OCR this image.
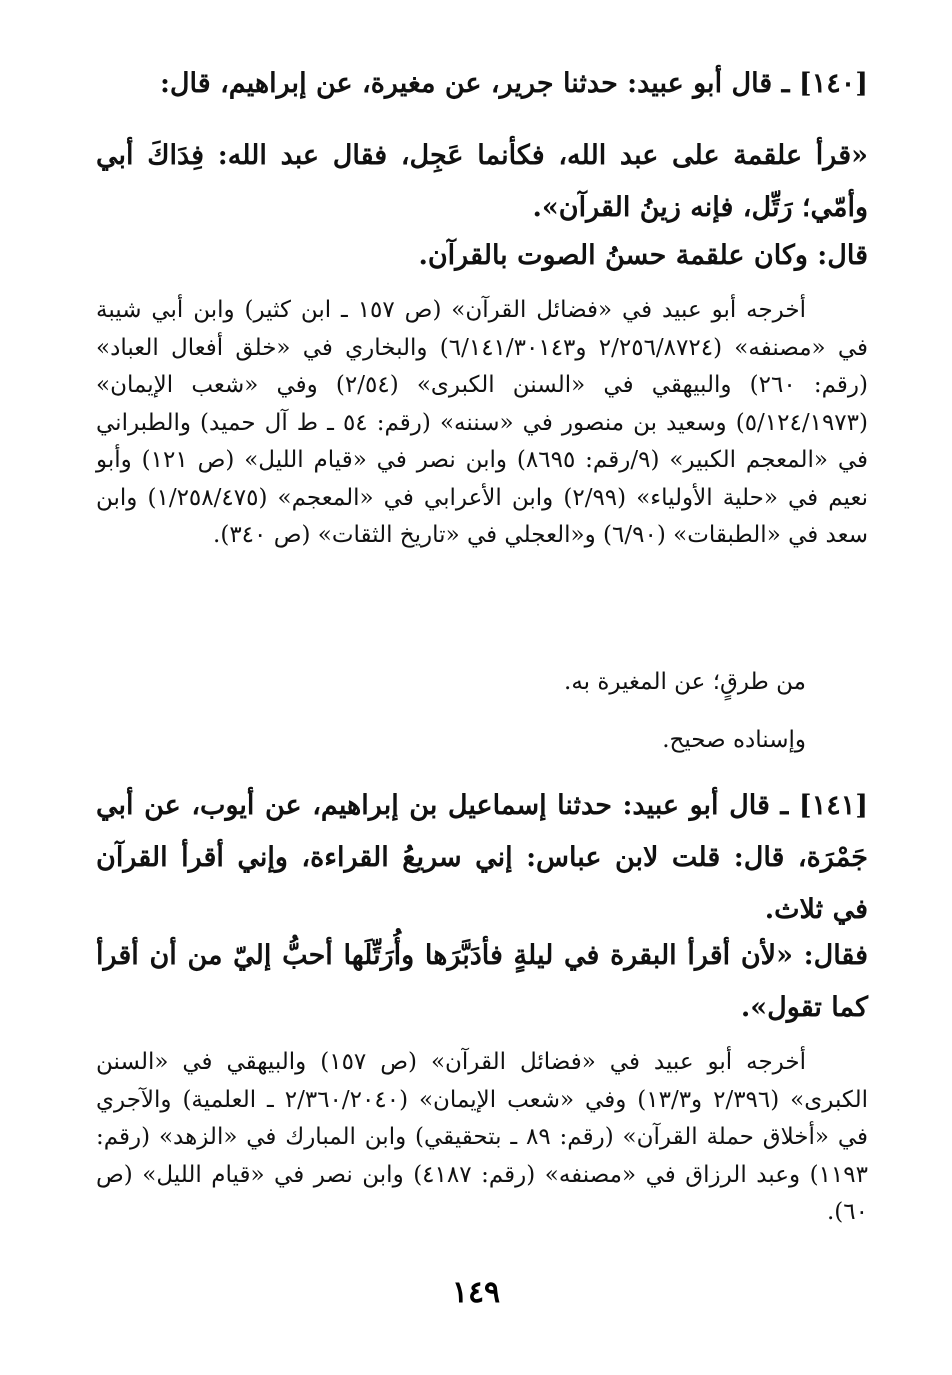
[١٤٠] ـ قال أبو عبيد: حدثنا جرير، عن مغيرة، عن إبراهيم، قال:

«قرأ علقمة على عبد الله، فكأنما عَجِل، فقال عبد الله: فِدَاكَ أبي وأمّي؛ رَتِّل، فإنه زينُ القرآن».

قال: وكان علقمة حسنُ الصوت بالقرآن.

أخرجه أبو عبيد في «فضائل القرآن» (ص ١٥٧ ـ ابن كثير) وابن أبي شيبة في «مصنفه» (٢/٢٥٦/٨٧٢٤ و٦/١٤١/٣٠١٤٣) والبخاري في «خلق أفعال العباد» (رقم: ٢٦٠) والبيهقي في «السنن الكبرى» (٢/٥٤) وفي «شعب الإيمان» (٥/١٢٤/١٩٧٣) وسعيد بن منصور في «سننه» (رقم: ٥٤ ـ ط آل حميد) والطبراني في «المعجم الكبير» (٩/رقم: ٨٦٩٥) وابن نصر في «قيام الليل» (ص ١٢١) وأبو نعيم في «حلية الأولياء» (٢/٩٩) وابن الأعرابي في «المعجم» (١/٢٥٨/٤٧٥) وابن سعد في «الطبقات» (٦/٩٠) و«العجلي في «تاريخ الثقات» (ص ٣٤٠).

من طرقٍ؛ عن المغيرة به.

وإسناده صحيح.

[١٤١] ـ قال أبو عبيد: حدثنا إسماعيل بن إبراهيم، عن أيوب، عن أبي جَمْرَة، قال: قلت لابن عباس: إني سريعُ القراءة، وإني أقرأ القرآن في ثلاث.

فقال: «لأن أقرأ البقرة في ليلةٍ فأدَبَّرَها وأُرَتِّلَها أحبُّ إليّ من أن أقرأ كما تقول».

أخرجه أبو عبيد في «فضائل القرآن» (ص ١٥٧) والبيهقي في «السنن الكبرى» (٢/٣٩٦ و١٣/٣) وفي «شعب الإيمان» (٢/٣٦٠/٢٠٤٠ ـ العلمية) والآجري في «أخلاق حملة القرآن» (رقم: ٨٩ ـ بتحقيقي) وابن المبارك في «الزهد» (رقم: ١١٩٣) وعبد الرزاق في «مصنفه» (رقم: ٤١٨٧) وابن نصر في «قيام الليل» (ص ٦٠).

١٤٩
